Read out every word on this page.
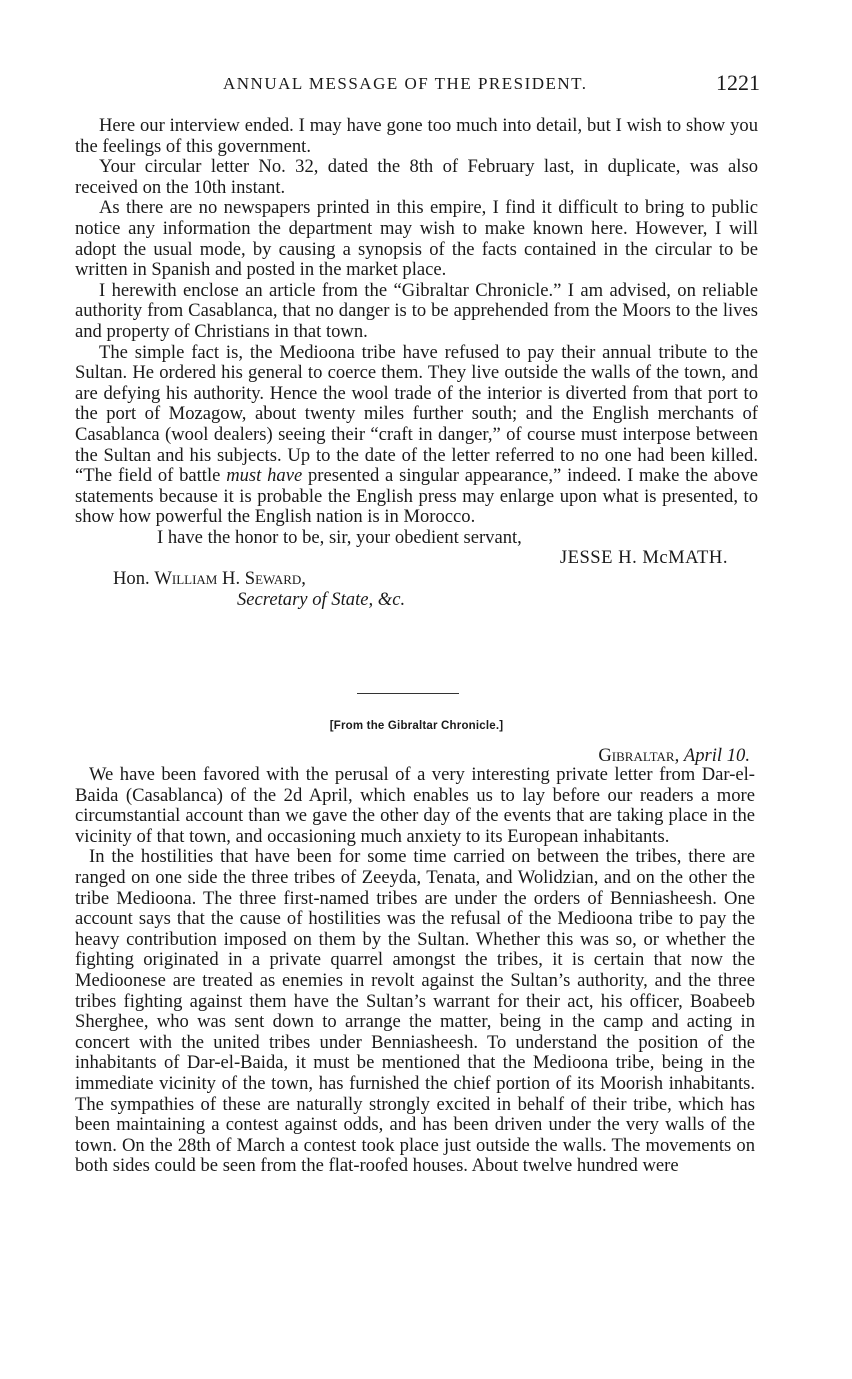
ANNUAL MESSAGE OF THE PRESIDENT.	1221

Here our interview ended. I may have gone too much into detail, but I wish to show you the feelings of this government.

Your circular letter No. 32, dated the 8th of February last, in duplicate, was also received on the 10th instant.

As there are no newspapers printed in this empire, I find it difficult to bring to public notice any information the department may wish to make known here. However, I will adopt the usual mode, by causing a synopsis of the facts contained in the circular to be written in Spanish and posted in the market place.

I herewith enclose an article from the “Gibraltar Chronicle.” I am advised, on reliable authority from Casablanca, that no danger is to be apprehended from the Moors to the lives and property of Christians in that town.

The simple fact is, the Medioona tribe have refused to pay their annual tribute to the Sultan. He ordered his general to coerce them. They live outside the walls of the town, and are defying his authority. Hence the wool trade of the interior is diverted from that port to the port of Mozagow, about twenty miles further south; and the English merchants of Casablanca (wool dealers) seeing their “craft in danger,” of course must interpose between the Sultan and his subjects. Up to the date of the letter referred to no one had been killed. “The field of battle must have presented a singular appearance,” indeed. I make the above statements because it is probable the English press may enlarge upon what is presented, to show how powerful the English nation is in Morocco.

I have the honor to be, sir, your obedient servant,

JESSE H. McMATH.

Hon. William H. Seward,

Secretary of State, &c.

[From the Gibraltar Chronicle.]
Gibraltar, April 10.

We have been favored with the perusal of a very interesting private letter from Dar-el-Baida (Casablanca) of the 2d April, which enables us to lay before our readers a more circumstantial account than we gave the other day of the events that are taking place in the vicinity of that town, and occasioning much anxiety to its European inhabitants.

In the hostilities that have been for some time carried on between the tribes, there are ranged on one side the three tribes of Zeeyda, Tenata, and Wolidzian, and on the other the tribe Medioona. The three first-named tribes are under the orders of Benniasheesh. One account says that the cause of hostilities was the refusal of the Medioona tribe to pay the heavy contribution imposed on them by the Sultan. Whether this was so, or whether the fighting originated in a private quarrel amongst the tribes, it is certain that now the Medioonese are treated as enemies in revolt against the Sultan’s authority, and the three tribes fighting against them have the Sultan’s warrant for their act, his officer, Boabeeb Sherghee, who was sent down to arrange the matter, being in the camp and acting in concert with the united tribes under Benniasheesh. To understand the position of the inhabitants of Dar-el-Baida, it must be mentioned that the Medioona tribe, being in the immediate vicinity of the town, has furnished the chief portion of its Moorish inhabitants. The sympathies of these are naturally strongly excited in behalf of their tribe, which has been maintaining a contest against odds, and has been driven under the very walls of the town. On the 28th of March a contest took place just outside the walls. The movements on both sides could be seen from the flat-roofed houses. About twelve hundred were
